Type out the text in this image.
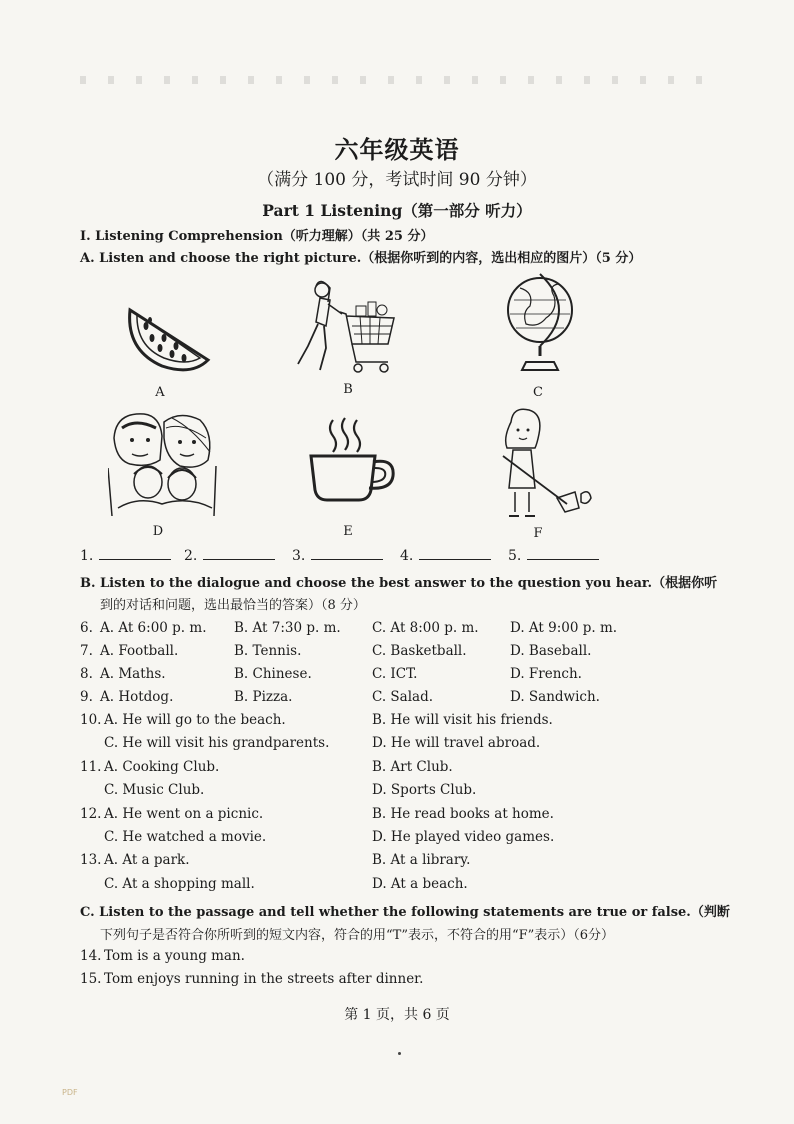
六年级英语
（满分 100 分，考试时间 90 分钟）
Part 1 Listening（第一部分 听力）
I. Listening Comprehension（听力理解）（共 25 分）
A. Listen and choose the right picture.（根据你听到的内容，选出相应的图片）（5 分）
A	B	C
D	E	F
1.	2.	3.	4.	5.
B. Listen to the dialogue and choose the best answer to the question you hear.（根据你听
到的对话和问题，选出最恰当的答案）（8 分）
6. A. At 6:00 p. m. B. At 7:30 p. m. C. At 8:00 p. m. D. At 9:00 p. m.
7. A. Football.	B. Tennis.	C. Basketball.	D. Baseball.
8. A. Maths.	B. Chinese.	C. ICT.	D. French.
9. A. Hotdog.	B. Pizza.	C. Salad.	D. Sandwich.
10. A. He will go to the beach.	B. He will visit his friends.
C. He will visit his grandparents.	D. He will travel abroad.
11. A. Cooking Club.	B. Art Club.
C. Music Club.	D. Sports Club.
12. A. He went on a picnic.	B. He read books at home.
C. He watched a movie.	D. He played video games.
13. A. At a park.	B. At a library.
C. At a shopping mall.	D. At a beach.
C. Listen to the passage and tell whether the following statements are true or false.（判断
下列句子是否符合你所听到的短文内容，符合的用“T”表示，不符合的用“F”表示）（6分）
14. Tom is a young man.
15. Tom enjoys running in the streets after dinner.
第 1 页，共 6 页
PDF
